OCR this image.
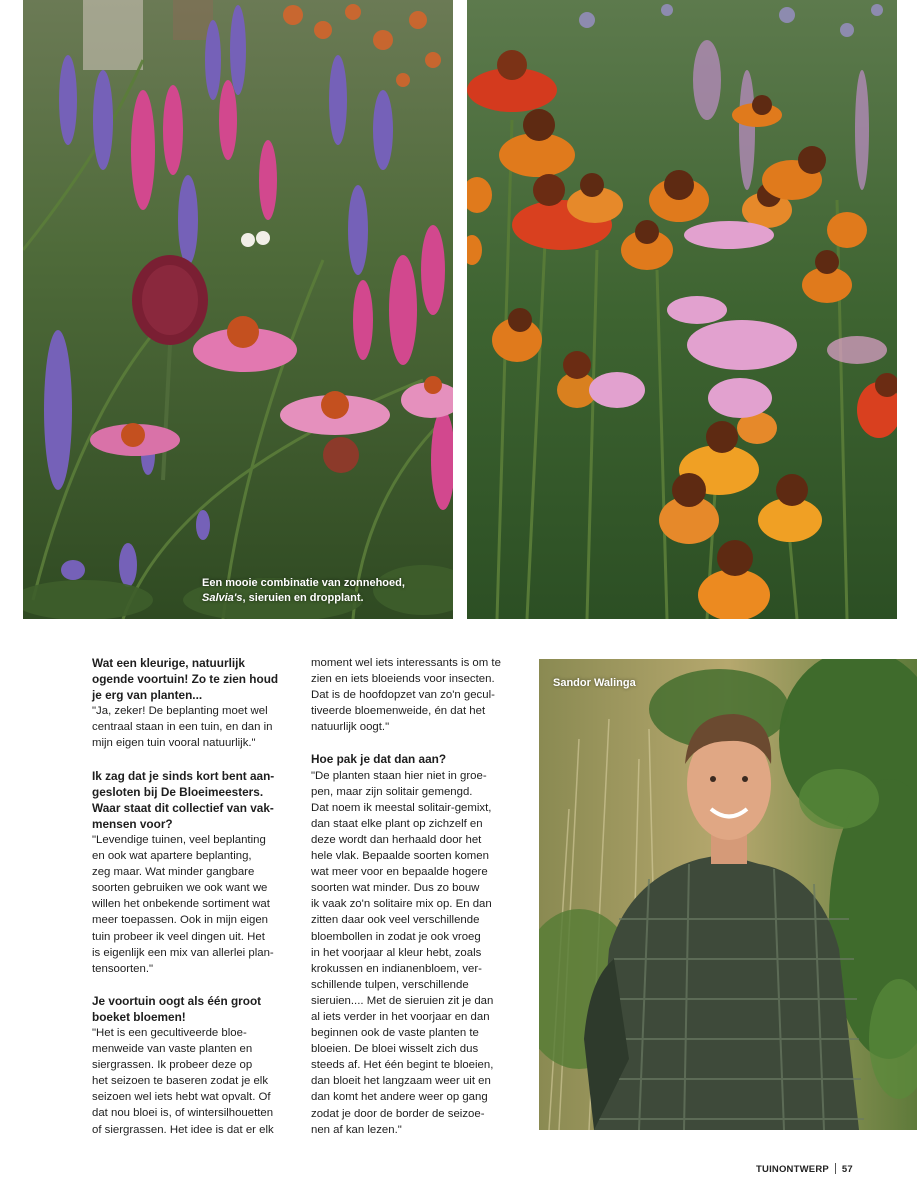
Een mooie combinatie van zonnehoed,
Salvia's, sieruien en dropplant.

Wat een kleurige, natuurlijk
ogende voortuin! Zo te zien houd
je erg van planten...

"Ja, zeker! De beplanting moet wel
centraal staan in een tuin, en dan in
mijn eigen tuin vooral natuurlijk."

Ik zag dat je sinds kort bent aan-
gesloten bij De Bloeimeesters.
Waar staat dit collectief van vak-
mensen voor?

"Levendige tuinen, veel beplanting
en ook wat apartere beplanting,
zeg maar. Wat minder gangbare
soorten gebruiken we ook want we
willen het onbekende sortiment wat
meer toepassen. Ook in mijn eigen
tuin probeer ik veel dingen uit. Het
is eigenlijk een mix van allerlei plan-
tensoorten."

Je voortuin oogt als één groot
boeket bloemen!

"Het is een gecultiveerde bloe-
menweide van vaste planten en
siergrassen. Ik probeer deze op
het seizoen te baseren zodat je elk
seizoen wel iets hebt wat opvalt. Of
dat nou bloei is, of wintersilhouetten
of siergrassen. Het idee is dat er elk

moment wel iets interessants is om te
zien en iets bloeiends voor insecten.
Dat is de hoofdopzet van zo'n gecul-
tiveerde bloemenweide, én dat het
natuurlijk oogt."

Hoe pak je dat dan aan?

"De planten staan hier niet in groe-
pen, maar zijn solitair gemengd.
Dat noem ik meestal solitair-gemixt,
dan staat elke plant op zichzelf en
deze wordt dan herhaald door het
hele vlak. Bepaalde soorten komen
wat meer voor en bepaalde hogere
soorten wat minder. Dus zo bouw
ik vaak zo'n solitaire mix op. En dan
zitten daar ook veel verschillende
bloembollen in zodat je ook vroeg
in het voorjaar al kleur hebt, zoals
krokussen en indianenbloem, ver-
schillende tulpen, verschillende
sieruien.... Met de sieruien zit je dan
al iets verder in het voorjaar en dan
beginnen ook de vaste planten te
bloeien. De bloei wisselt zich dus
steeds af. Het één begint te bloeien,
dan bloeit het langzaam weer uit en
dan komt het andere weer op gang
zodat je door de border de seizoe-
nen af kan lezen."

Sandor Walinga
TUINONTWERP 57
